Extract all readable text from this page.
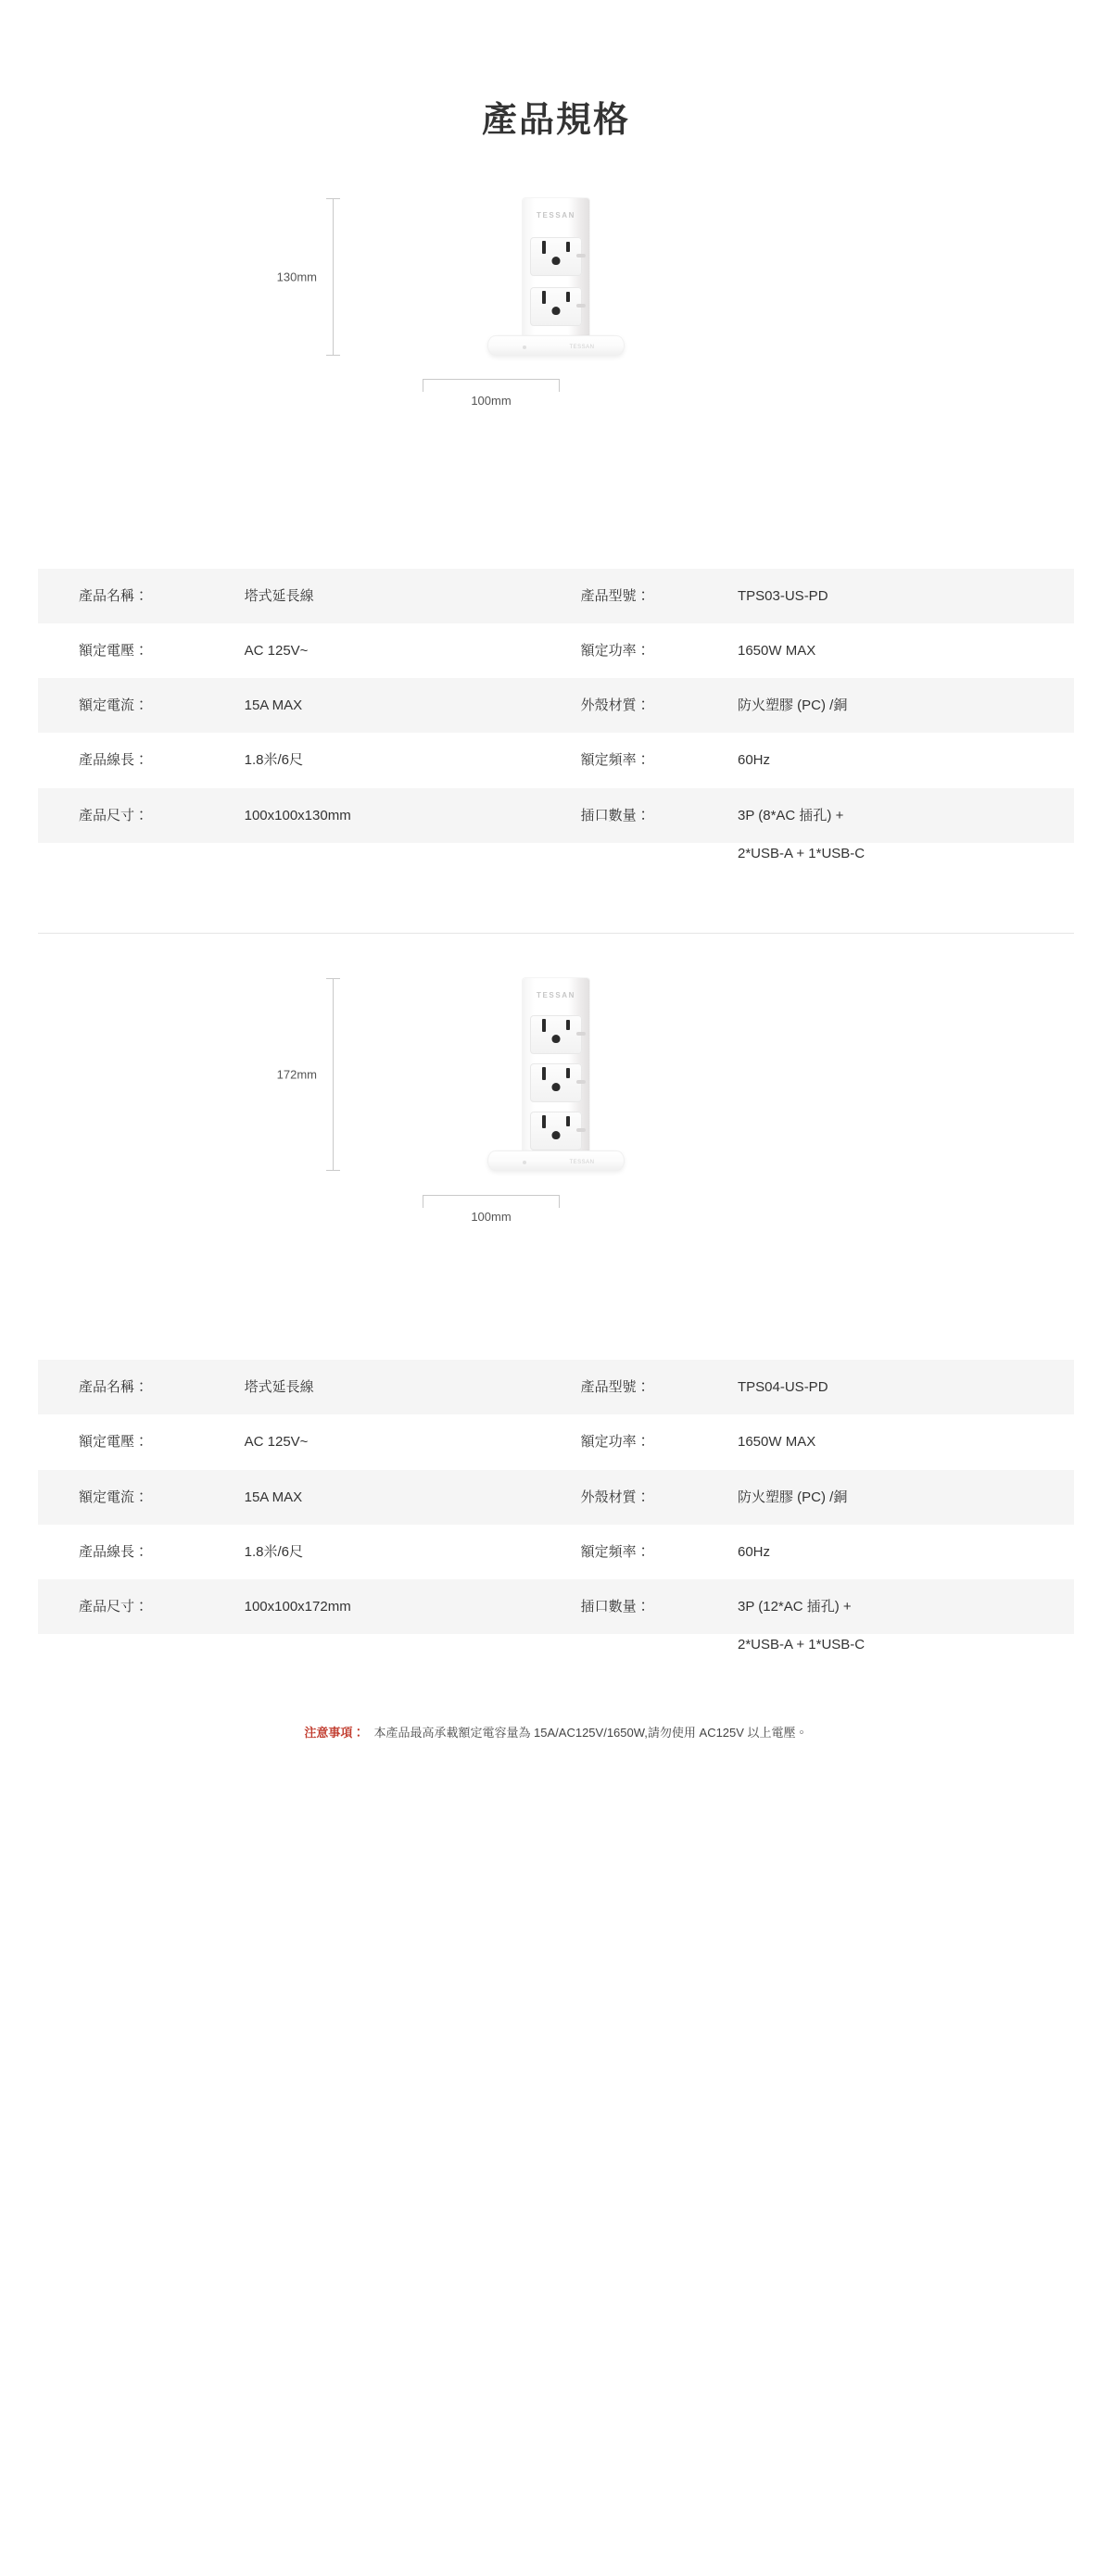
產品規格
130mm
TESSAN
TESSAN
100mm
產品名稱：	塔式延長線	產品型號：	TPS03-US-PD
額定電壓：	AC 125V~	額定功率：	1650W MAX
額定電流：	15A MAX	外殼材質：	防火塑膠 (PC) /銅
產品線長：	1.8米/6尺	額定頻率：	60Hz
產品尺寸：	100x100x130mm	插口數量：	3P (8*AC 插孔) +
			2*USB-A + 1*USB-C
172mm
TESSAN
TESSAN
100mm
產品名稱：	塔式延長線	產品型號：	TPS04-US-PD
額定電壓：	AC 125V~	額定功率：	1650W MAX
額定電流：	15A MAX	外殼材質：	防火塑膠 (PC) /銅
產品線長：	1.8米/6尺	額定頻率：	60Hz
產品尺寸：	100x100x172mm	插口數量：	3P (12*AC 插孔) +
			2*USB-A + 1*USB-C
注意事項： 本產品最高承載額定電容量為 15A/AC125V/1650W,請勿使用 AC125V 以上電壓。
